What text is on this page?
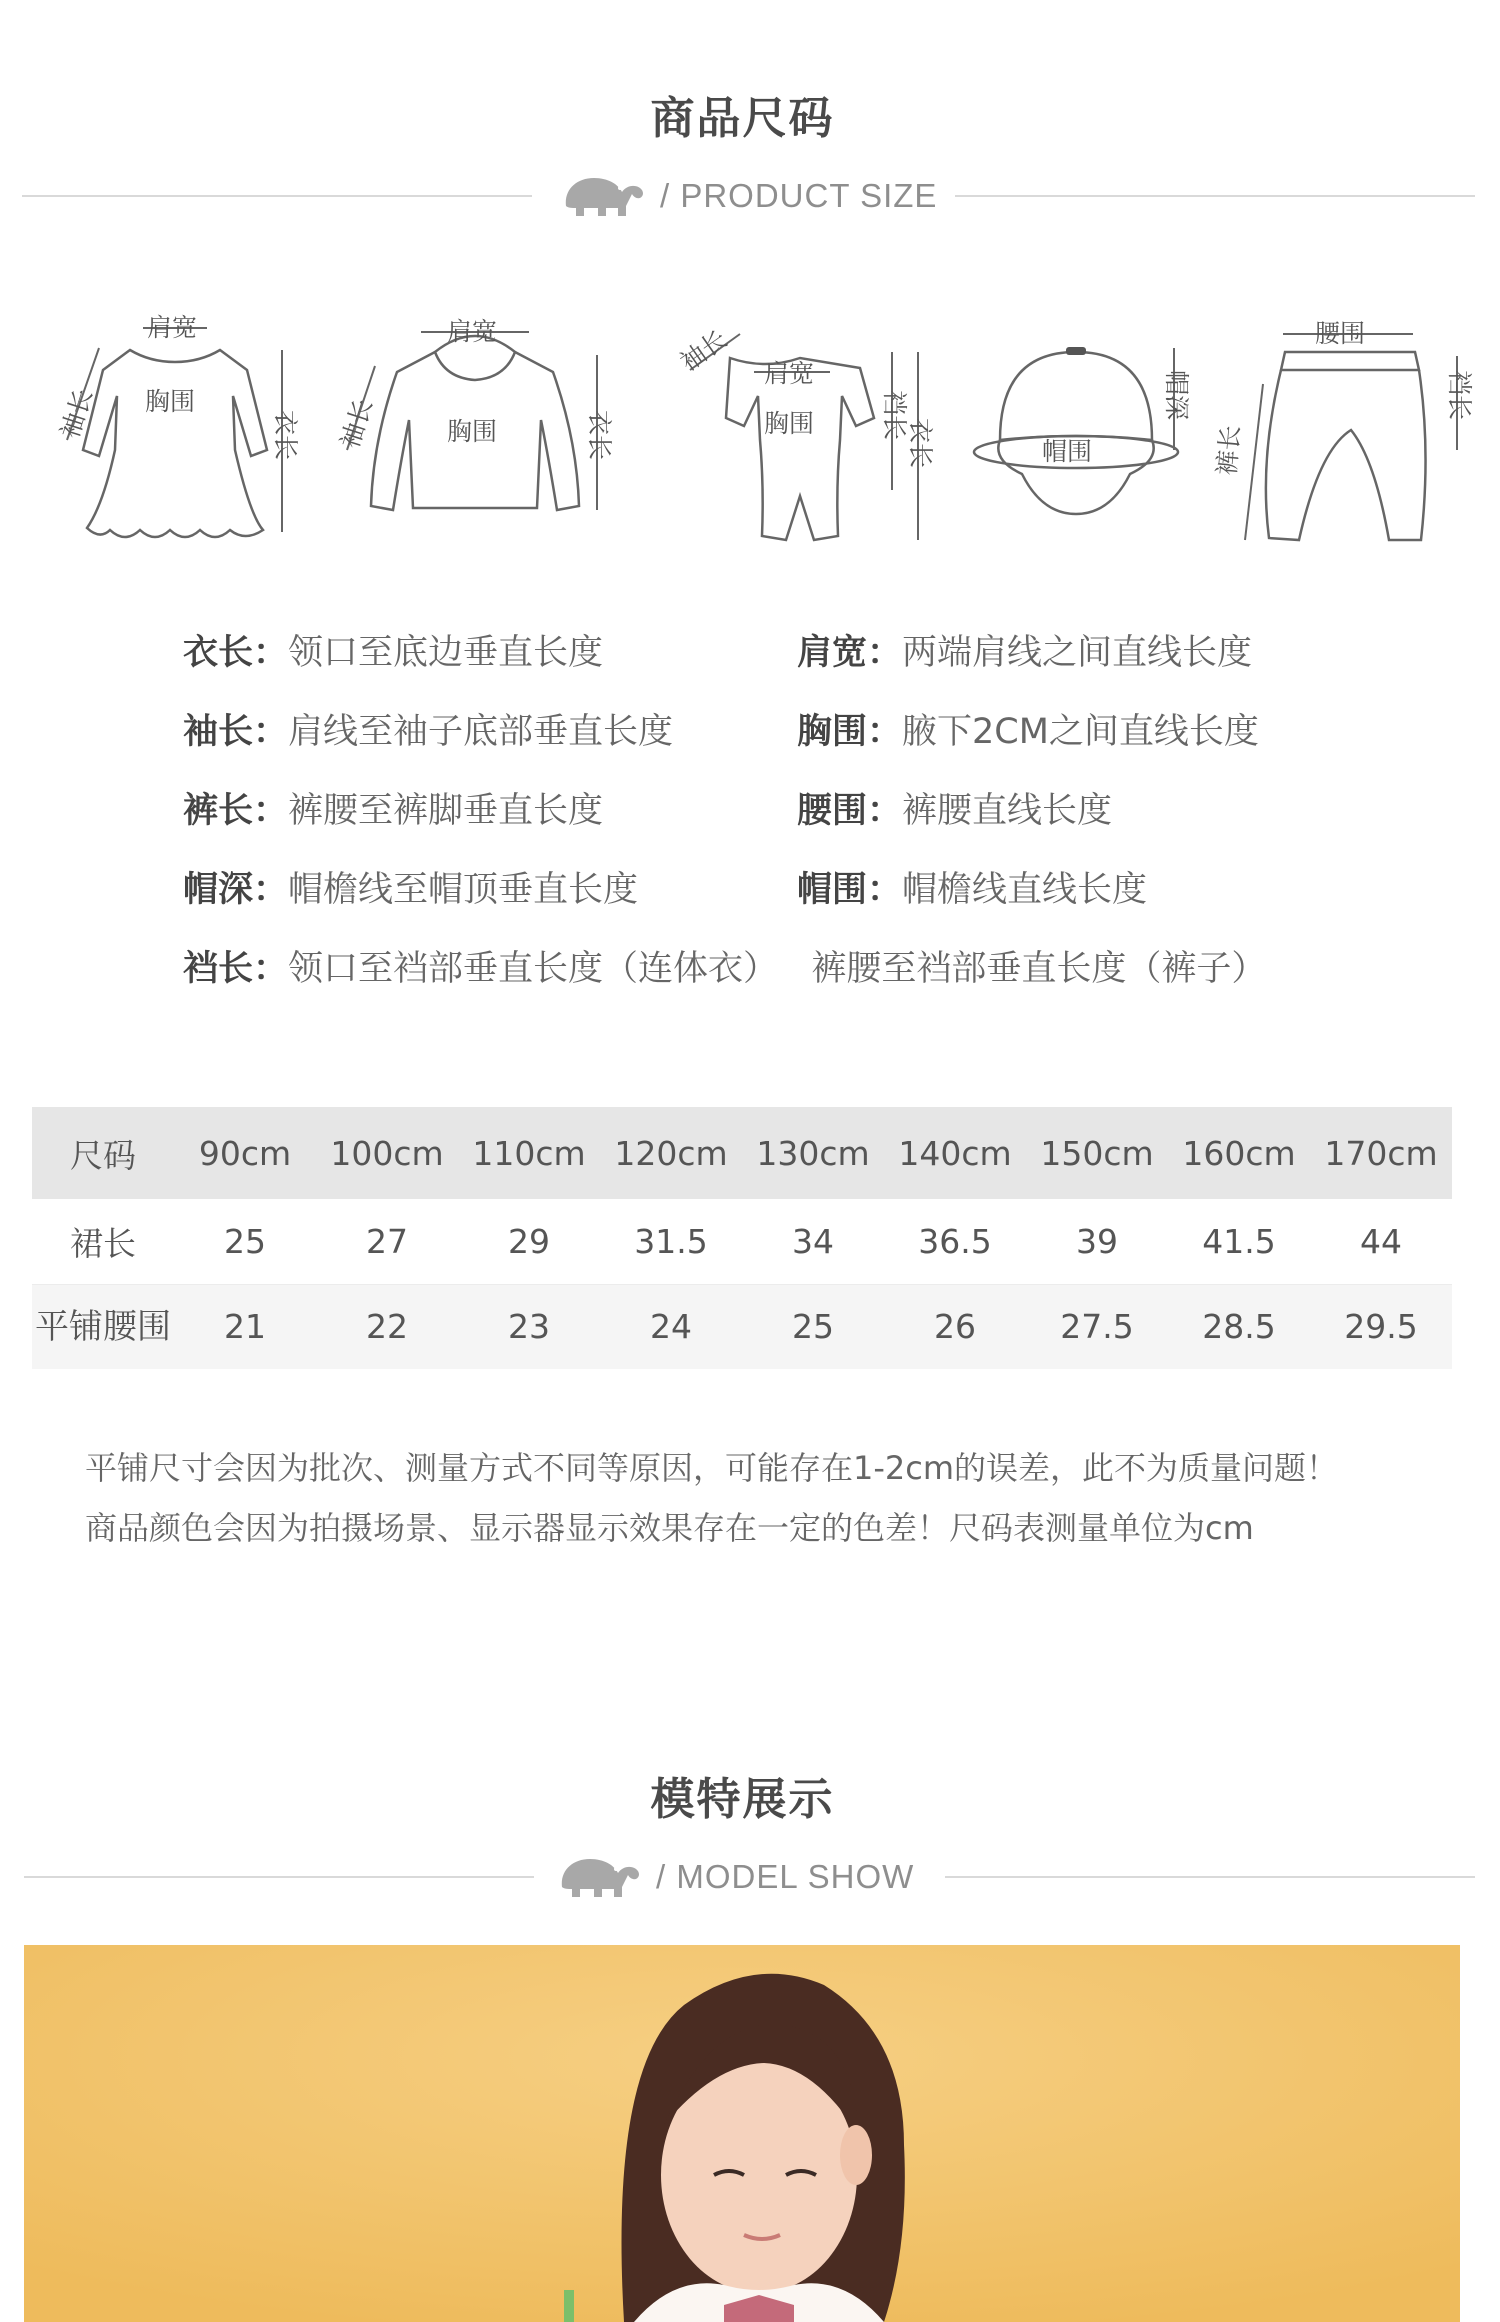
商品尺码
/ PRODUCT SIZE
肩宽
胸围
袖长	衣长
肩宽
胸围
袖长	衣长
袖长 肩宽
胸围	裆长
衣长	帽围
帽深
腰围
裤长
裆长
衣长：领口至底边垂直长度	肩宽：两端肩线之间直线长度
袖长：肩线至袖子底部垂直长度	胸围：腋下2CM之间直线长度
裤长：裤腰至裤脚垂直长度	腰围：裤腰直线长度
帽深：帽檐线至帽顶垂直长度	帽围：帽檐线直线长度
裆长：领口至裆部垂直长度（连体衣）   裤腰至裆部垂直长度（裤子）
尺码	90cm	100cm	110cm	120cm	130cm	140cm	150cm	160cm	170cm
裙长	25	27	29	31.5	34	36.5	39	41.5	44
平铺腰围	21	22	23	24	25	26	27.5	28.5	29.5
平铺尺寸会因为批次、测量方式不同等原因，可能存在1-2cm的误差，此不为质量问题！
商品颜色会因为拍摄场景、显示器显示效果存在一定的色差！尺码表测量单位为cm
模特展示
/ MODEL SHOW
